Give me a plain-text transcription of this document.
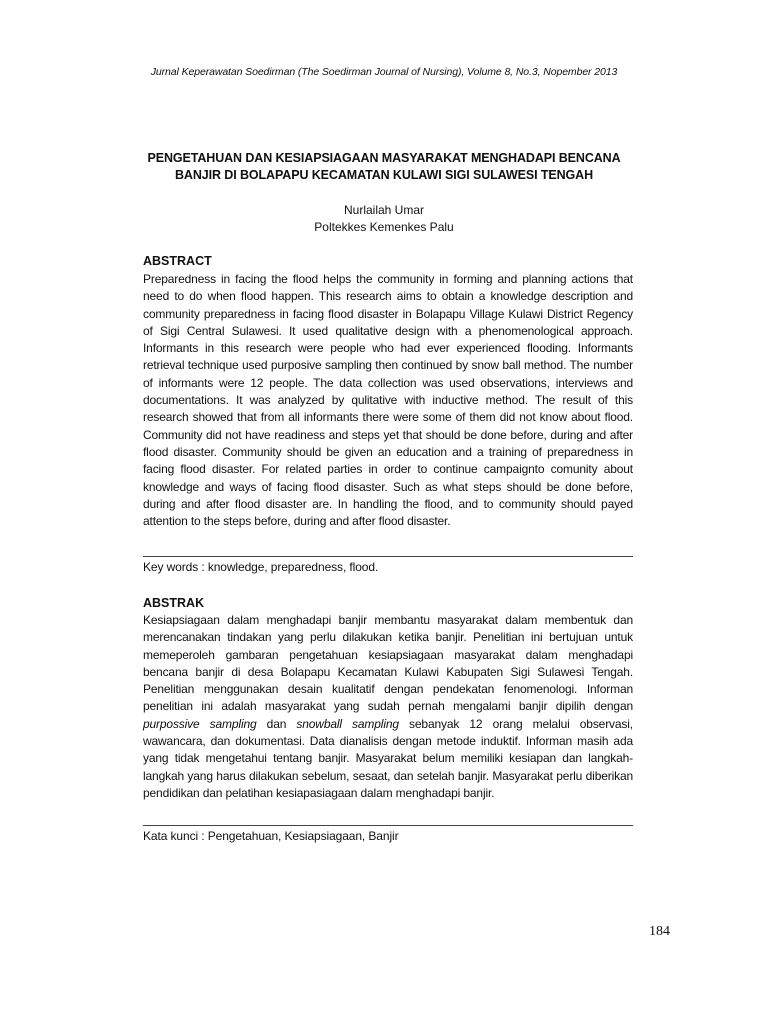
Jurnal Keperawatan Soedirman (The Soedirman Journal of Nursing), Volume 8, No.3, Nopember 2013
PENGETAHUAN DAN KESIAPSIAGAAN MASYARAKAT MENGHADAPI BENCANA
BANJIR DI BOLAPAPU KECAMATAN KULAWI SIGI SULAWESI TENGAH
Nurlailah Umar
Poltekkes Kemenkes Palu
ABSTRACT
Preparedness in facing the flood helps the community in forming and planning actions that need to do when flood happen. This research aims to obtain a knowledge description and community preparedness in facing flood disaster in Bolapapu Village Kulawi District Regency of Sigi Central Sulawesi. It used qualitative design with a phenomenological approach. Informants in this research were people who had ever experienced flooding. Informants retrieval technique used purposive sampling then continued by snow ball method. The number of informants were 12 people. The data collection was used observations, interviews and documentations. It was analyzed by qulitative with inductive method. The result of this research showed that from all informants there were some of them did not know about flood. Community did not have readiness and steps yet that should be done before, during and after flood disaster. Community should be given an education and a training of preparedness in facing flood disaster. For related parties in order to continue campaignto comunity about knowledge and ways of facing flood disaster. Such as what steps should be done before, during and after flood disaster are. In handling the flood, and to community should payed attention to the steps before, during and after flood disaster.
Key words : knowledge, preparedness, flood.
ABSTRAK
Kesiapsiagaan dalam menghadapi banjir membantu masyarakat dalam membentuk dan merencanakan tindakan yang perlu dilakukan ketika banjir. Penelitian ini bertujuan untuk memeperoleh gambaran pengetahuan kesiapsiagaan masyarakat dalam menghadapi bencana banjir di desa Bolapapu Kecamatan Kulawi Kabupaten Sigi Sulawesi Tengah. Penelitian menggunakan desain kualitatif dengan pendekatan fenomenologi. Informan penelitian ini adalah masyarakat yang sudah pernah mengalami banjir dipilih dengan purpossive sampling dan snowball sampling sebanyak 12 orang melalui observasi, wawancara, dan dokumentasi. Data dianalisis dengan metode induktif. Informan masih ada yang tidak mengetahui tentang banjir. Masyarakat belum memiliki kesiapan dan langkah-langkah yang harus dilakukan sebelum, sesaat, dan setelah banjir. Masyarakat perlu diberikan pendidikan dan pelatihan kesiapasiagaan dalam menghadapi banjir.
Kata kunci : Pengetahuan, Kesiapsiagaan, Banjir
184
